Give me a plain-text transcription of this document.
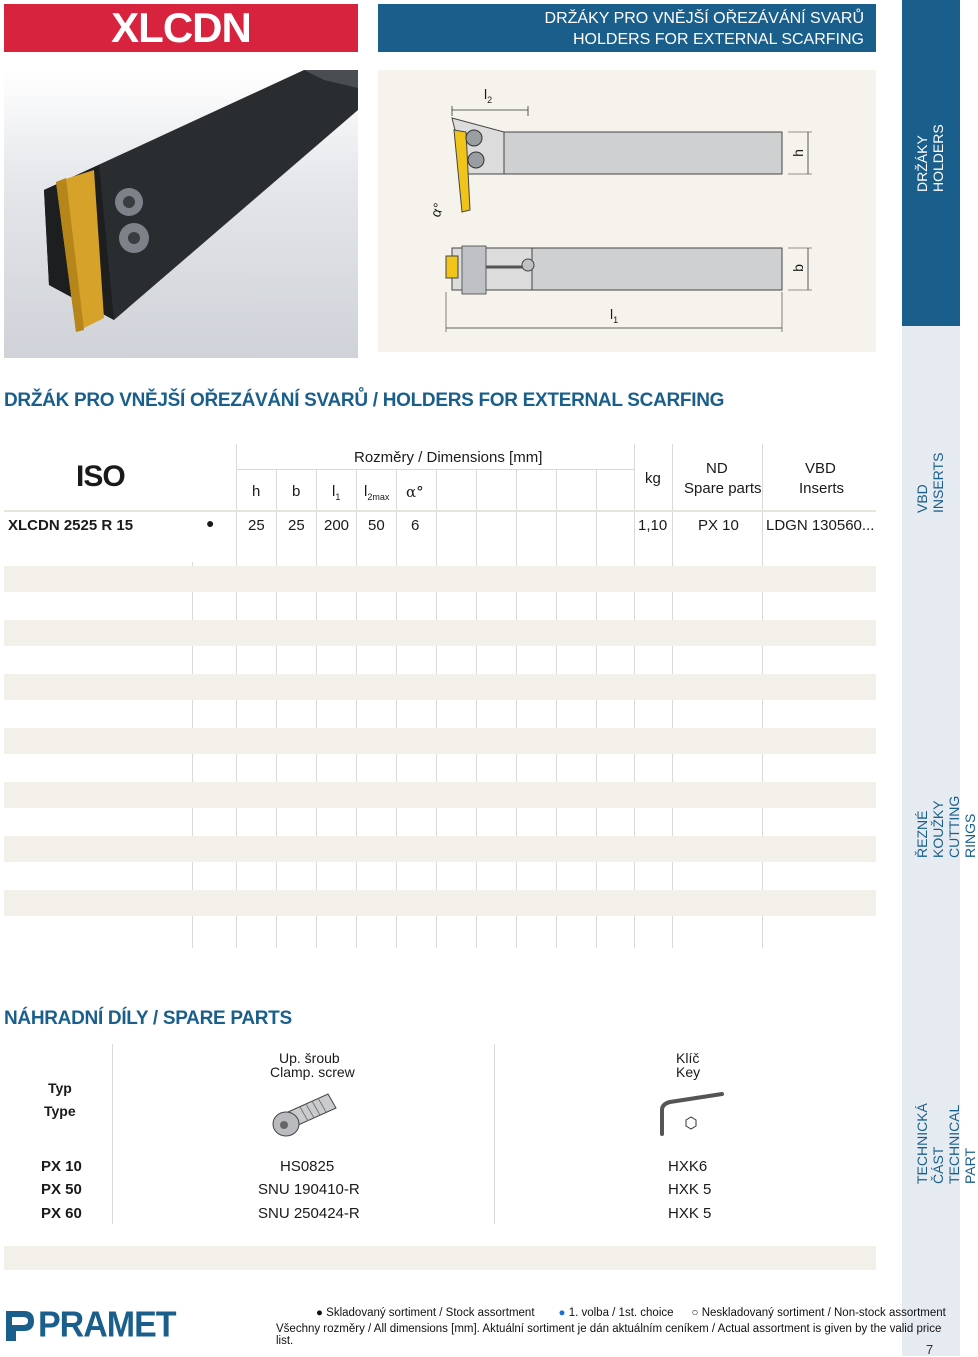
XLCDN	DRŽÁKY PRO VNĚJŠÍ OŘEZÁVÁNÍ SVARŮ
HOLDERS FOR EXTERNAL SCARFING
DRŽÁKY
HOLDERS
VBD
INSERTS
ŘEZNÉ KOUŽKY
CUTTING RINGS
TECHNICKÁ ČÁST
TECHNICAL PART
$l_2$
α°
h
b
$l_1$
DRŽÁK PRO VNĚJŠÍ OŘEZÁVÁNÍ SVARŮ / HOLDERS FOR EXTERNAL SCARFING
ISO
Rozměry / Dimensions [mm]
h b $l_1$ $l_{2max}$ α°
kg
ND
Spare parts
VBD
Inserts
XLCDN 2525 R 15	● 25 25 200 50 6	1,10 PX 10 LDGN 130560...
NÁHRADNÍ DÍLY / SPARE PARTS
Typ
Type
Up. šroub
Clamp. screw
Klíč
Key
PX 10	HS0825	HXK6
PX 50	SNU 190410-R	HXK 5
PX 60	SNU 250424-R	HXK 5
PRAMET	● Skladovaný sortiment / Stock assortment ● 1. volba / 1st. choice ○ Neskladovaný sortiment / Non-stock assortment
Všechny rozměry / All dimensions [mm]. Aktuální sortiment je dán aktuálním ceníkem / Actual assortment is given by the valid price list.
7
